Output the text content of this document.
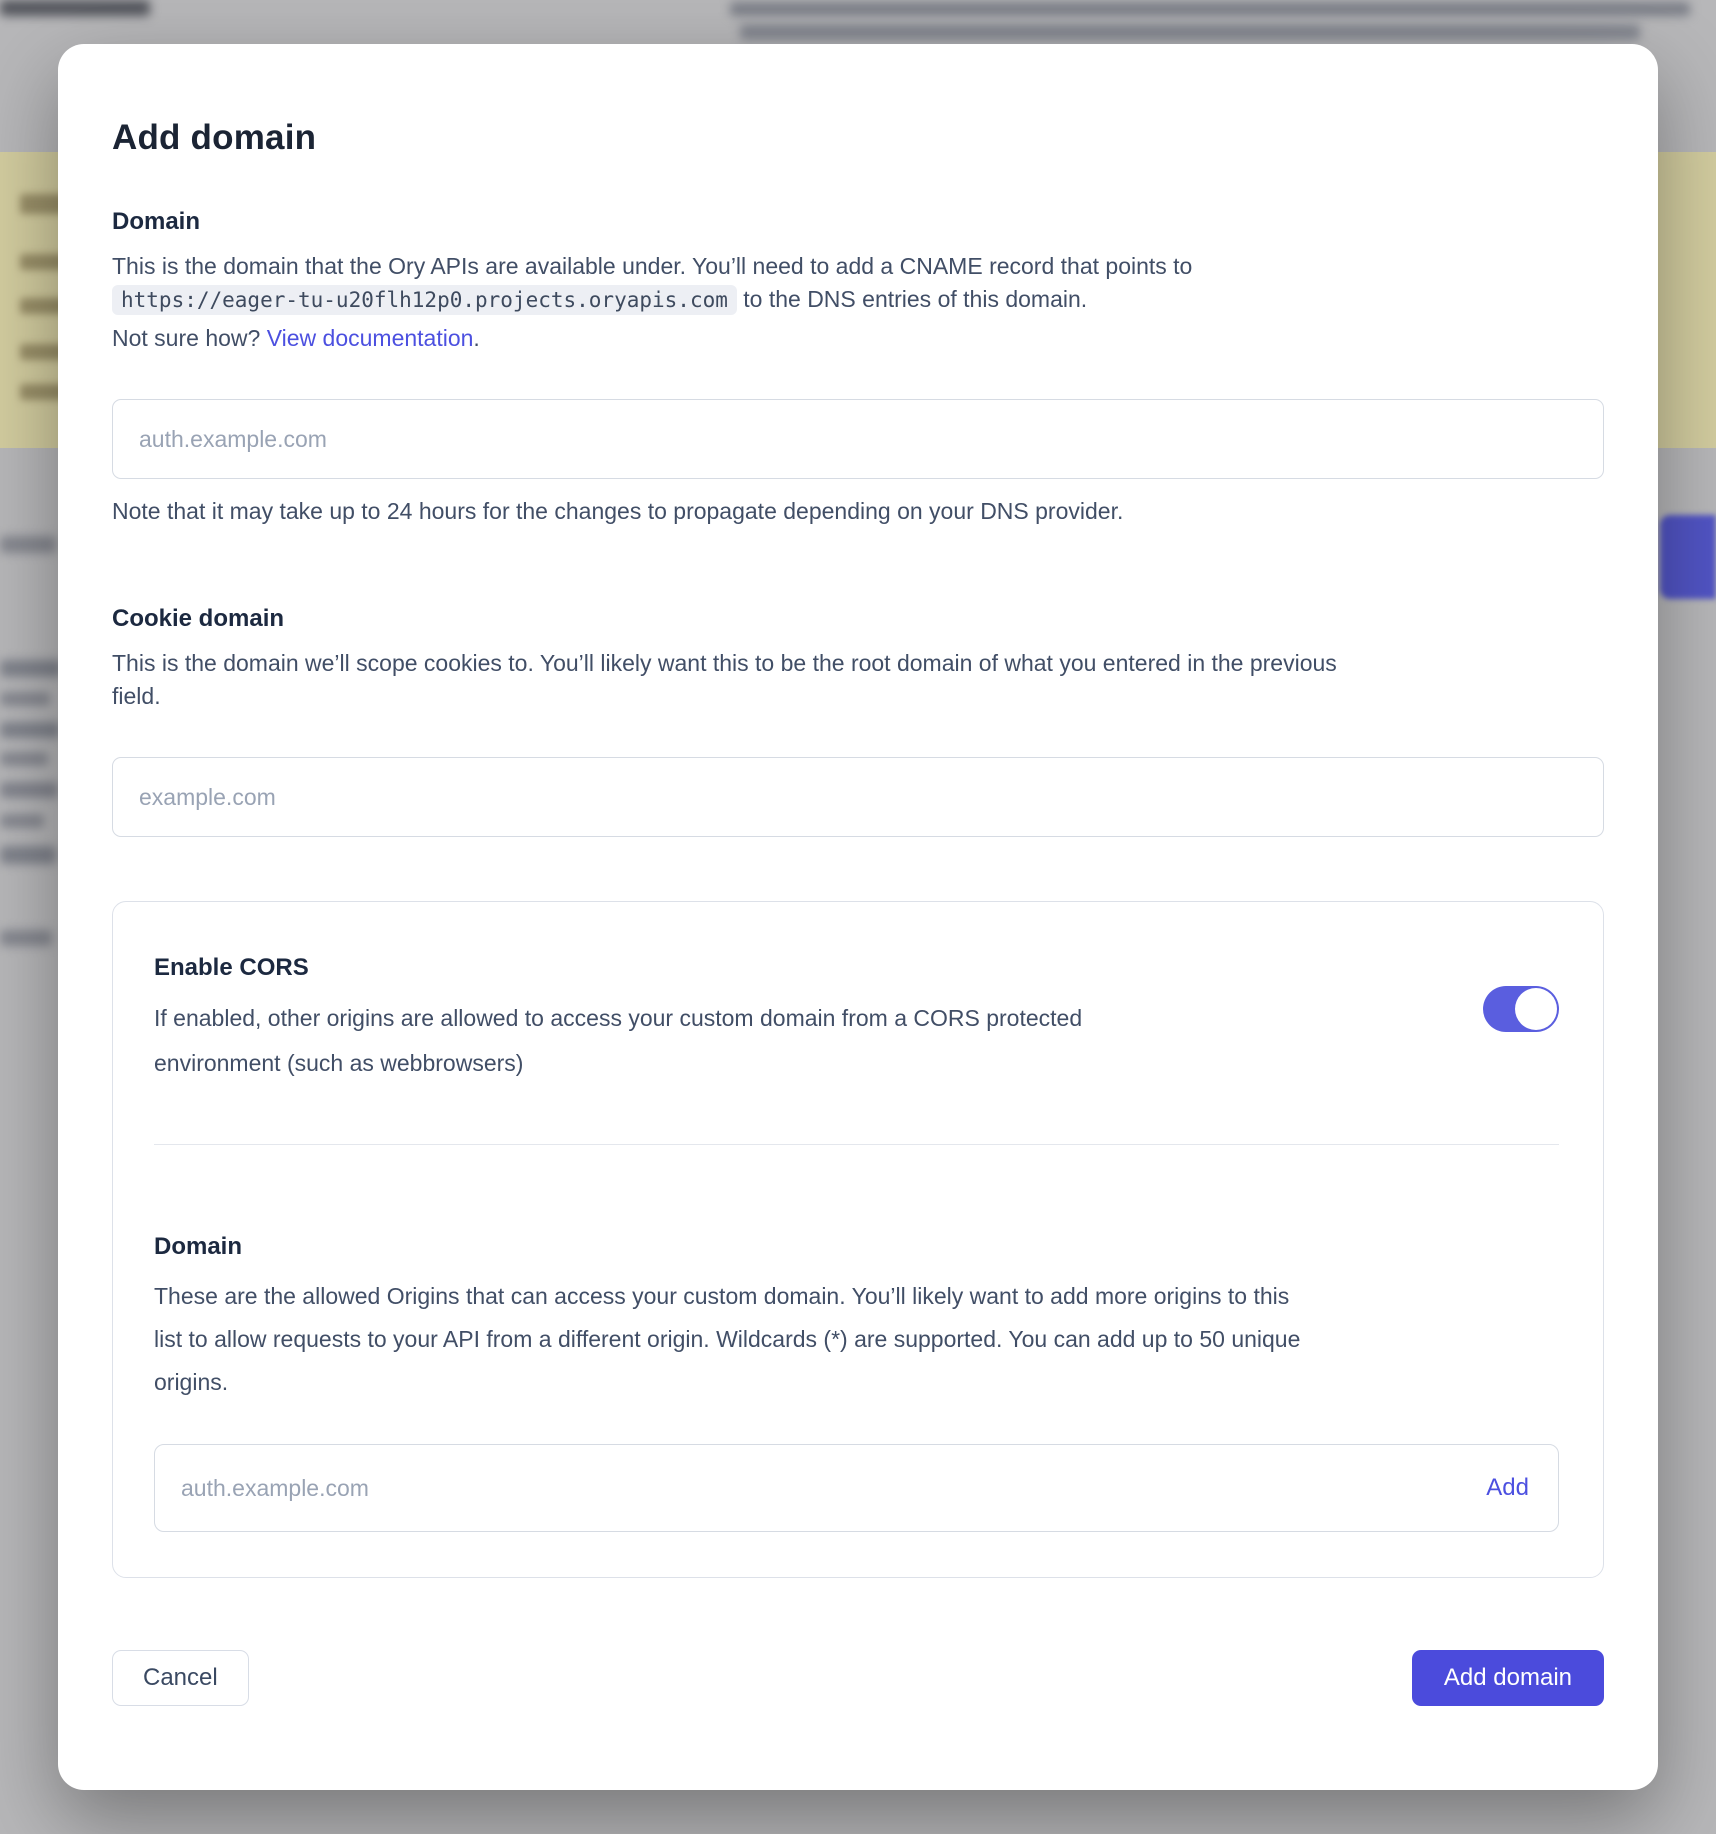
Add domain
Domain

This is the domain that the Ory APIs are available under. You’ll need to add a CNAME record that points to https://eager-tu-u20flh12p0.projects.oryapis.com to the DNS entries of this domain.

Not sure how? View documentation.

auth.example.com

Note that it may take up to 24 hours for the changes to propagate depending on your DNS provider.

Cookie domain

This is the domain we’ll scope cookies to. You’ll likely want this to be the root domain of what you entered in the previous field.

example.com
Enable CORS

If enabled, other origins are allowed to access your custom domain from a CORS protected environment (such as webbrowsers)

Domain

These are the allowed Origins that can access your custom domain. You’ll likely want to add more origins to this list to allow requests to your API from a different origin. Wildcards (*) are supported. You can add up to 50 unique origins.

auth.example.com
Add
Cancel	Add domain
